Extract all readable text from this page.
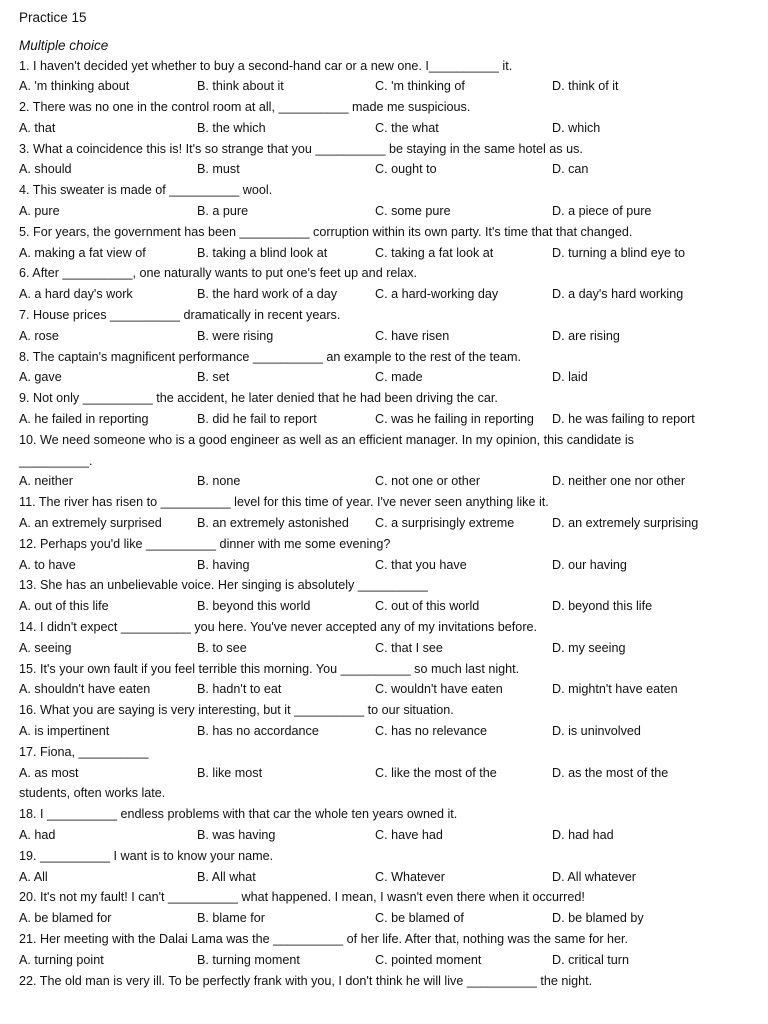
Practice 15
Multiple choice
1. I haven't decided yet whether to buy a second-hand car or a new one. I__________ it.
A. 'm thinking about	B. think about it	C. 'm thinking of	D. think of it
2. There was no one in the control room at all, __________ made me suspicious.
A. that	B. the which	C. the what	D. which
3. What a coincidence this is! It's so strange that you __________ be staying in the same hotel as us.
A. should	B. must	C. ought to	D. can
4. This sweater is made of __________ wool.
A. pure	B. a pure	C. some pure	D. a piece of pure
5. For years, the government has been __________ corruption within its own party. It's time that that changed.
A. making a fat view of	B. taking a blind look at	C. taking a fat look at	D. turning a blind eye to
6. After __________, one naturally wants to put one's feet up and relax.
A. a hard day's work	B. the hard work of a day	C. a hard-working day	D. a day's hard working
7. House prices __________ dramatically in recent years.
A. rose	B. were rising	C. have risen	D. are rising
8. The captain's magnificent performance __________ an example to the rest of the team.
A. gave	B. set	C. made	D. laid
9. Not only __________ the accident, he later denied that he had been driving the car.
A. he failed in reporting	B. did he fail to report	C. was he failing in reporting D. he was failing to report
10. We need someone who is a good engineer as well as an efficient manager. In my opinion, this candidate is
__________.
A. neither	B. none	C. not one or other	D. neither one nor other
11. The river has risen to __________ level for this time of year. I've never seen anything like it.
A. an extremely surprised	B. an extremely astonished C. a surprisingly extreme	D. an extremely surprising
12. Perhaps you'd like __________ dinner with me some evening?
A. to have	B. having	C. that you have	D. our having
13. She has an unbelievable voice. Her singing is absolutely __________
A. out of this life	B. beyond this world	C. out of this world	D. beyond this life
14. I didn't expect __________ you here. You've never accepted any of my invitations before.
A. seeing	B. to see	C. that I see	D. my seeing
15. It's your own fault if you feel terrible this morning. You __________ so much last night.
A. shouldn't have eaten	B. hadn't to eat	C. wouldn't have eaten	D. mightn't have eaten
16. What you are saying is very interesting, but it __________ to our situation.
A. is impertinent	B. has no accordance	C. has no relevance	D. is uninvolved
17. Fiona, __________
A. as most	B. like most	C. like the most of the	D. as the most of the
students, often works late.
18. I __________ endless problems with that car the whole ten years owned it.
A. had	B. was having	C. have had	D. had had
19. __________ I want is to know your name.
A. All	B. All what	C. Whatever	D. All whatever
20. It's not my fault! I can't __________ what happened. I mean, I wasn't even there when it occurred!
A. be blamed for	B. blame for	C. be blamed of	D. be blamed by
21. Her meeting with the Dalai Lama was the __________ of her life. After that, nothing was the same for her.
A. turning point	B. turning moment	C. pointed moment	D. critical turn
22. The old man is very ill. To be perfectly frank with you, I don't think he will live __________ the night.
